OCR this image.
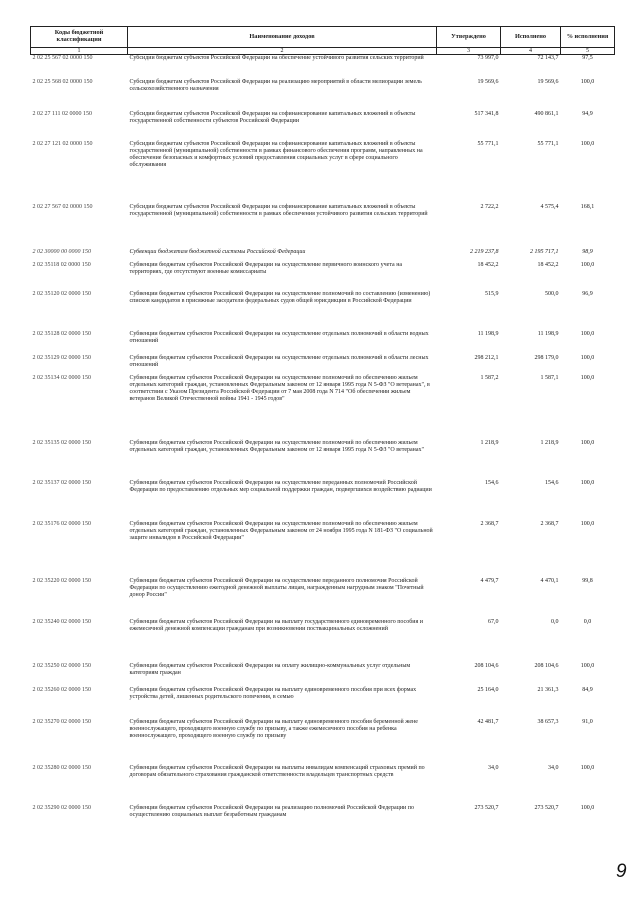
Коды бюджетной классификации	Наименование доходов	Утверждено	Исполнено	% исполнения
1	2	3	4	5
2 02 25 567 02 0000 150	Субсидии бюджетам субъектов Российской Федерации на обеспечение устойчивого развития сельских территорий	73 997,0	72 143,7	97,5
2 02 25 568 02 0000 150	Субсидии бюджетам субъектов Российской Федерации на реализацию мероприятий в области мелиорации земель сельскохозяйственного назначения	19 569,6	19 569,6	100,0
2 02 27 111 02 0000 150	Субсидии бюджетам субъектов Российской Федерации на софинансирование капитальных вложений в объекты государственной собственности субъектов Российской Федерации	517 341,8	490 861,1	94,9
2 02 27 121 02 0000 150	Субсидии бюджетам субъектов Российской Федерации на софинансирование капитальных вложений в объекты государственной (муниципальной) собственности в рамках финансового обеспечения программ, направленных на обеспечение безопасных и комфортных условий предоставления социальных услуг в сфере социального обслуживания	55 771,1	55 771,1	100,0
2 02 27 567 02 0000 150	Субсидии бюджетам субъектов Российской Федерации на софинансирование капитальных вложений в объекты государственной (муниципальной) собственности в рамках обеспечения устойчивого развития сельских территорий	2 722,2	4 575,4	168,1
2 02 30000 00 0000 150	Субвенции бюджетам бюджетной системы Российской Федерации	2 219 237,8	2 195 717,1	98,9
2 02 35118 02 0000 150	Субвенции бюджетам субъектов Российской Федерации на осуществление первичного воинского учета на территориях, где отсутствуют военные комиссариаты	18 452,2	18 452,2	100,0
2 02 35120 02 0000 150	Субвенции бюджетам субъектов Российской Федерации на осуществление полномочий по составлению (изменению) списков кандидатов в присяжные заседатели федеральных судов общей юрисдикции в Российской Федерации	515,9	500,0	96,9
2 02 35128 02 0000 150	Субвенции бюджетам субъектов Российской Федерации на осуществление отдельных полномочий в области водных отношений	11 198,9	11 198,9	100,0
2 02 35129 02 0000 150	Субвенции бюджетам субъектов Российской Федерации на осуществление отдельных полномочий в области лесных отношений	298 212,1	298 179,0	100,0
2 02 35134 02 0000 150	Субвенции бюджетам субъектов Российской Федерации на осуществление полномочий по обеспечению жильем отдельных категорий граждан, установленных Федеральным законом от 12 января 1995 года N 5-ФЗ "О ветеранах", в соответствии с Указом Президента Российской Федерации от 7 мая 2008 года N 714 "Об обеспечении жильем ветеранов Великой Отечественной войны 1941 - 1945 годов"	1 587,2	1 587,1	100,0
2 02 35135 02 0000 150	Субвенции бюджетам субъектов Российской Федерации на осуществление полномочий по обеспечению жильем отдельных категорий граждан, установленных Федеральным законом от 12 января 1995 года N 5-ФЗ "О ветеранах"	1 218,9	1 218,9	100,0
2 02 35137 02 0000 150	Субвенции бюджетам субъектов Российской Федерации на осуществление переданных полномочий Российской Федерации по предоставлению отдельных мер социальной поддержки граждан, подвергшихся воздействию радиации	154,6	154,6	100,0
2 02 35176 02 0000 150	Субвенции бюджетам субъектов Российской Федерации на осуществление полномочий по обеспечению жильем отдельных категорий граждан, установленных Федеральным законом от 24 ноября 1995 года N 181-ФЗ "О социальной защите инвалидов в Российской Федерации"	2 368,7	2 368,7	100,0
2 02 35220 02 0000 150	Субвенции бюджетам субъектов Российской Федерации на осуществление переданного полномочия Российской Федерации по осуществлению ежегодной денежной выплаты лицам, награжденным нагрудным знаком "Почетный донор России"	4 479,7	4 470,1	99,8
2 02 35240 02 0000 150	Субвенции бюджетам субъектов Российской Федерации на выплату государственного единовременного пособия и ежемесячной денежной компенсации гражданам при возникновении поствакцинальных осложнений	67,0	0,0	0,0
2 02 35250 02 0000 150	Субвенции бюджетам субъектов Российской Федерации на оплату жилищно-коммунальных услуг отдельным категориям граждан	208 104,6	208 104,6	100,0
2 02 35260 02 0000 150	Субвенции бюджетам субъектов Российской Федерации на выплату единовременного пособия при всех формах устройства детей, лишенных родительского попечения, в семью	25 164,0	21 361,3	84,9
2 02 35270 02 0000 150	Субвенции бюджетам субъектов Российской Федерации на выплату единовременного пособия беременной жене военнослужащего, проходящего военную службу по призыву, а также ежемесячного пособия на ребенка военнослужащего, проходящего военную службу по призыву	42 481,7	38 657,3	91,0
2 02 35280 02 0000 150	Субвенции бюджетам субъектов Российской Федерации на выплаты инвалидам компенсаций страховых премий по договорам обязательного страхования гражданской ответственности владельцев транспортных средств	34,0	34,0	100,0
2 02 35290 02 0000 150	Субвенции бюджетам субъектов Российской Федерации на реализацию полномочий Российской Федерации по осуществлению социальных выплат безработным гражданам	273 520,7	273 520,7	100,0
9
